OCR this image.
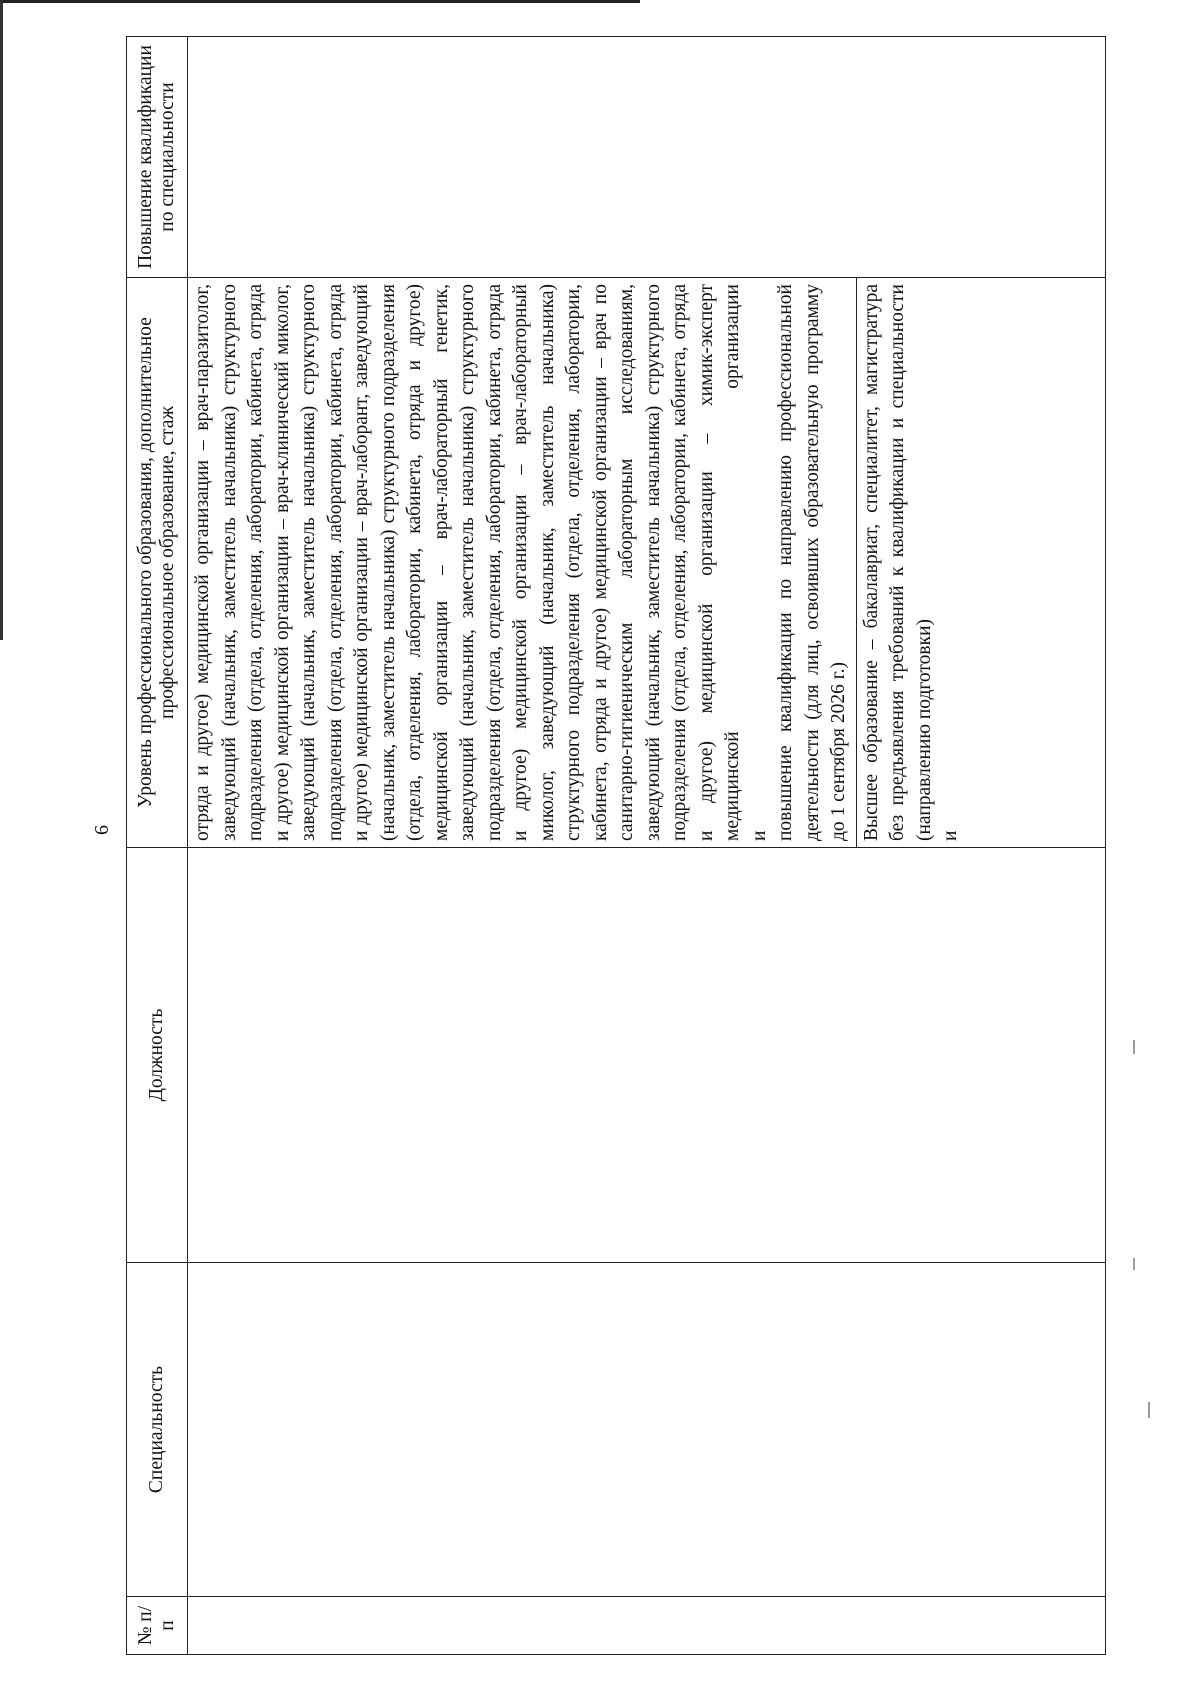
6
№ п/п	Специальность	Должность	Уровень профессионального образования, дополнительное профессиональное образование, стаж	Повышение квалификации по специальности

			отряда и другое) медицинской организации – врач-паразитолог, заведующий (начальник, заместитель начальника) структурного подразделения (отдела, отделения, лаборатории, кабинета, отряда и другое) медицинской организации – врач-клинический миколог, заведующий (начальник, заместитель начальника) структурного подразделения (отдела, отделения, лаборатории, кабинета, отряда и другое) медицинской организации – врач-лаборант, заведующий (начальник, заместитель начальника) структурного подразделения (отдела, отделения, лаборатории, кабинета, отряда и другое) медицинской организации – врач-лабораторный генетик, заведующий (начальник, заместитель начальника) структурного подразделения (отдела, отделения, лаборатории, кабинета, отряда и другое) медицинской организации – врач-лабораторный миколог, заведующий (начальник, заместитель начальника) структурного подразделения (отдела, отделения, лаборатории, кабинета, отряда и другое) медицинской организации – врач по санитарно-гигиеническим лабораторным исследованиям, заведующий (начальник, заместитель начальника) структурного подразделения (отдела, отделения, лаборатории, кабинета, отряда и другое) медицинской организации – химик-эксперт медицинской организации и повышение квалификации по направлению профессиональной деятельности (для лиц, освоивших образовательную программу до 1 сентября 2026 г.) Высшее образование – бакалавриат, специалитет, магистратура без предъявления требований к квалификации и специальности (направлению подготовки) и	
